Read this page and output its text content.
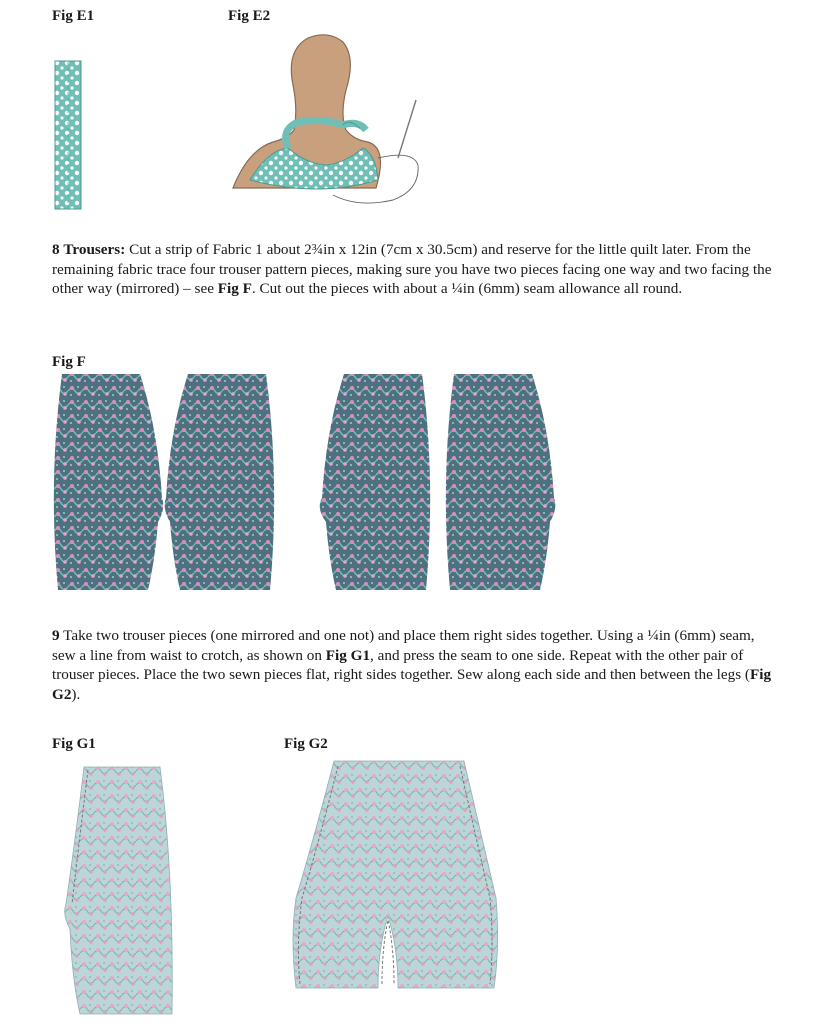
Fig E1	Fig E2
8 Trousers: Cut a strip of Fabric 1 about 2¾in x 12in (7cm x 30.5cm) and reserve for the little quilt later. From the remaining fabric trace four trouser pattern pieces, making sure you have two pieces facing one way and two facing the other way (mirrored) – see Fig F. Cut out the pieces with about a ¼in (6mm) seam allowance all round.
Fig F
9 Take two trouser pieces (one mirrored and one not) and place them right sides together. Using a ¼in (6mm) seam, sew a line from waist to crotch, as shown on Fig G1, and press the seam to one side. Repeat with the other pair of trouser pieces. Place the two sewn pieces flat, right sides together. Sew along each side and then between the legs (Fig G2).
Fig G1	Fig G2
